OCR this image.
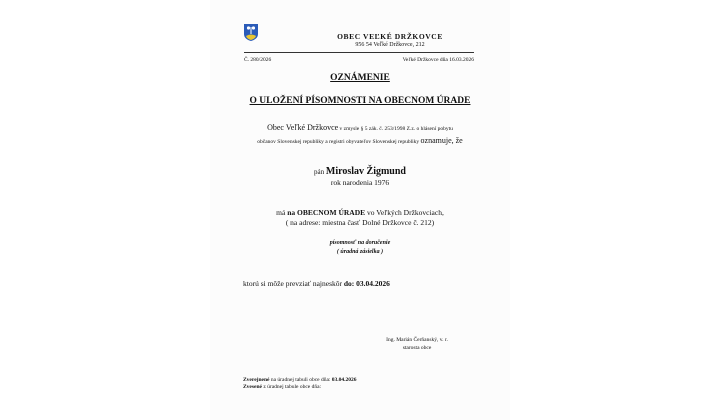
OBEC VEĽKÉ DRŽKOVCE
956 54 Veľké Držkovce, 212
Č. 280/2026	Veľké Držkovce dňa 16.03.2026
OZNÁMENIE
O ULOŽENÍ PÍSOMNOSTI NA OBECNOM ÚRADE
Obec Veľké Držkovce v zmysle § 5 zák. č. 253/1998 Z.z. o hlásení pobytu
občanov Slovenskej republiky a registri obyvateľov Slovenskej republiky oznamuje, že
pán Miroslav Žigmund
rok narodenia 1976
má na OBECNOM ÚRADE vo Veľkých Držkovciach,
( na adrese: miestna časť Dolné Držkovce č. 212)
písomnosť na doručenie
( úradná zásielka )
ktorú si môže prevziať najneskôr do: 03.04.2026
Ing. Marián Čerňanský, v. r.
starosta obce
Zverejnené na úradnej tabuli obce dňa: 03.04.2026
Zvesené z úradnej tabule obce dňa:
